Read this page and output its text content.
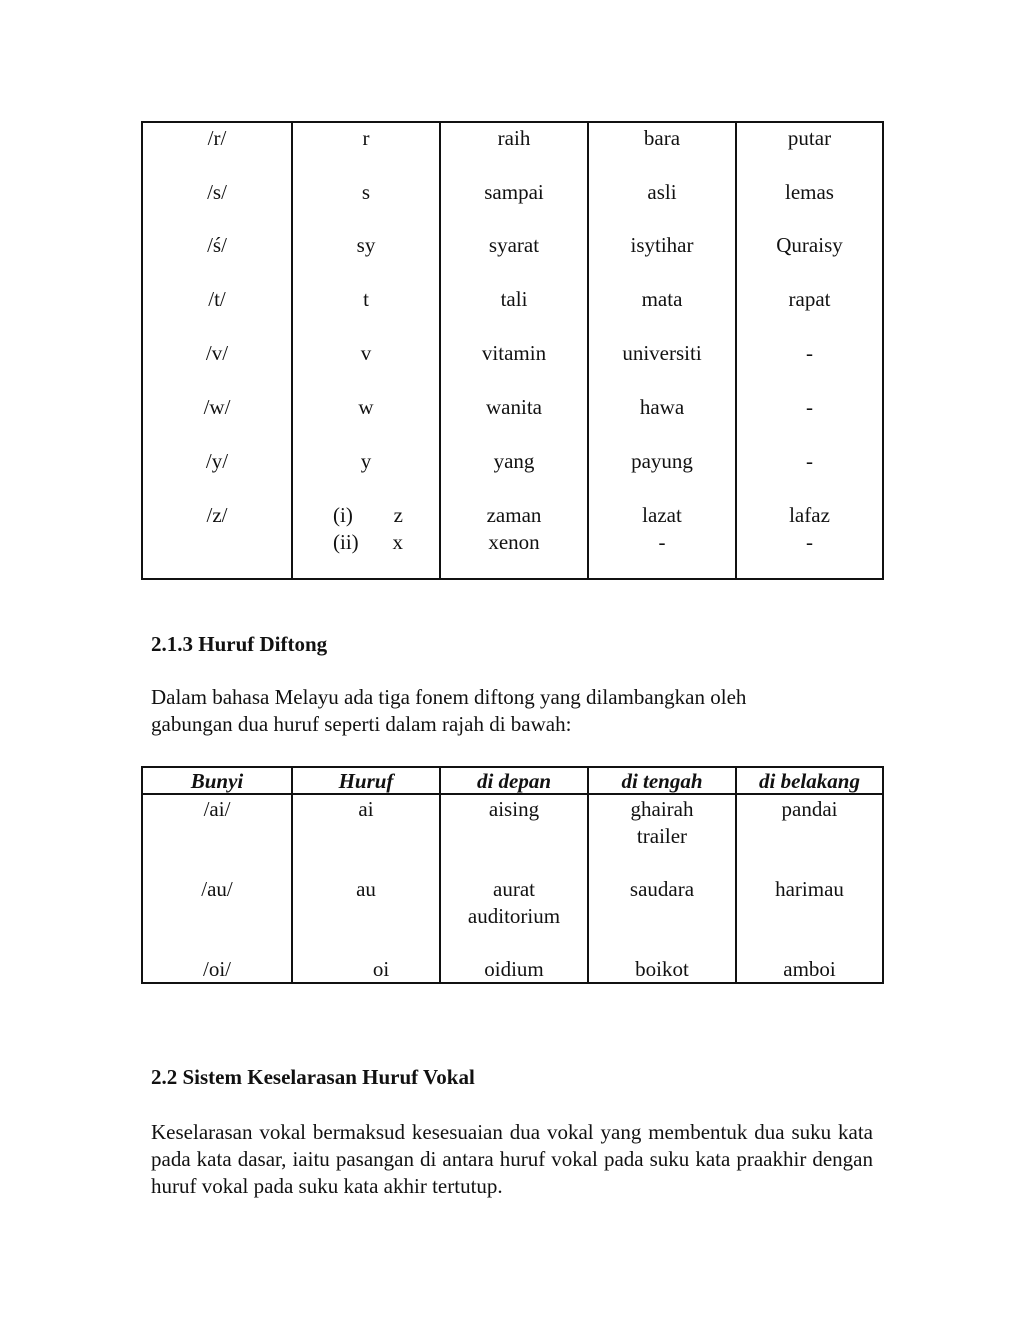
/r/
/s/
/ś/
/t/
/v/
/w/
/y/
/z/
r
s
sy
t
v
w
y
(i) z
(ii) x
raih
sampai
syarat
tali
vitamin
wanita
yang
zaman
xenon
bara
asli
isytihar
mata
universiti
hawa
payung
lazat
-
putar
lemas
Quraisy
rapat
-
-
-
lafaz
-
2.1.3 Huruf Diftong
Dalam bahasa Melayu ada tiga fonem diftong yang dilambangkan oleh
gabungan dua huruf seperti dalam rajah di bawah:
Bunyi
/ai/
/au/
/oi/
Huruf
ai
au
oi
di depan
aising
aurat
auditorium
oidium
di tengah
ghairah
trailer
saudara
boikot
di belakang
pandai
harimau
amboi
2.2 Sistem Keselarasan Huruf Vokal
Keselarasan vokal bermaksud kesesuaian dua vokal yang membentuk dua suku kata pada kata dasar, iaitu pasangan di antara huruf vokal pada suku kata praakhir dengan huruf vokal pada suku kata akhir tertutup.
